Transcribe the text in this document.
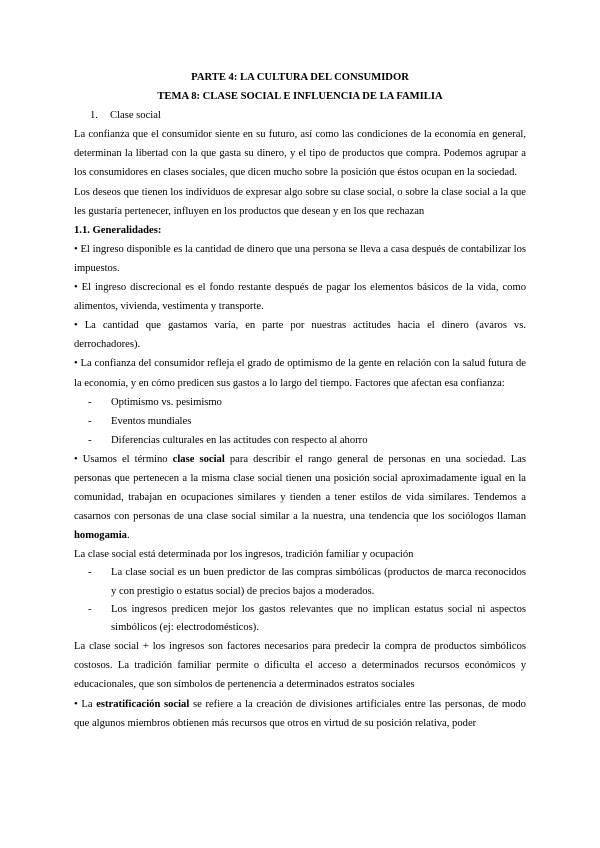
PARTE 4: LA CULTURA DEL CONSUMIDOR

TEMA 8: CLASE SOCIAL E INFLUENCIA DE LA FAMILIA

1. Clase social

La confianza que el consumidor siente en su futuro, así como las condiciones de la economía en general, determinan la libertad con la que gasta su dinero, y el tipo de productos que compra. Podemos agrupar a los consumidores en clases sociales, que dicen mucho sobre la posición que éstos ocupan en la sociedad.

Los deseos que tienen los individuos de expresar algo sobre su clase social, o sobre la clase social a la que les gustaría pertenecer, influyen en los productos que desean y en los que rechazan

1.1. Generalidades:

• El ingreso disponible es la cantidad de dinero que una persona se lleva a casa después de contabilizar los impuestos.

• El ingreso discrecional es el fondo restante después de pagar los elementos básicos de la vida, como alimentos, vivienda, vestimenta y transporte.

• La cantidad que gastamos varía, en parte por nuestras actitudes hacia el dinero (avaros vs. derrochadores).

• La confianza del consumidor refleja el grado de optimismo de la gente en relación con la salud futura de la economía, y en cómo predicen sus gastos a lo largo del tiempo. Factores que afectan esa confianza:

- Optimismo vs. pesimismo

- Eventos mundiales

- Diferencias culturales en las actitudes con respecto al ahorro

• Usamos el término clase social para describir el rango general de personas en una sociedad. Las personas que pertenecen a la misma clase social tienen una posición social aproximadamente igual en la comunidad, trabajan en ocupaciones similares y tienden a tener estilos de vida similares. Tendemos a casarnos con personas de una clase social similar a la nuestra, una tendencia que los sociólogos llaman homogamia.

La clase social está determinada por los ingresos, tradición familiar y ocupación

- La clase social es un buen predictor de las compras simbólicas (productos de marca reconocidos y con prestigio o estatus social) de precios bajos a moderados.

- Los ingresos predicen mejor los gastos relevantes que no implican estatus social ni aspectos simbólicos (ej: electrodomésticos).

La clase social + los ingresos son factores necesarios para predecir la compra de productos simbólicos costosos. La tradición familiar permite o dificulta el acceso a determinados recursos económicos y educacionales, que son símbolos de pertenencia a determinados estratos sociales

• La estratificación social se refiere a la creación de divisiones artificiales entre las personas, de modo que algunos miembros obtienen más recursos que otros en virtud de su posición relativa, poder
